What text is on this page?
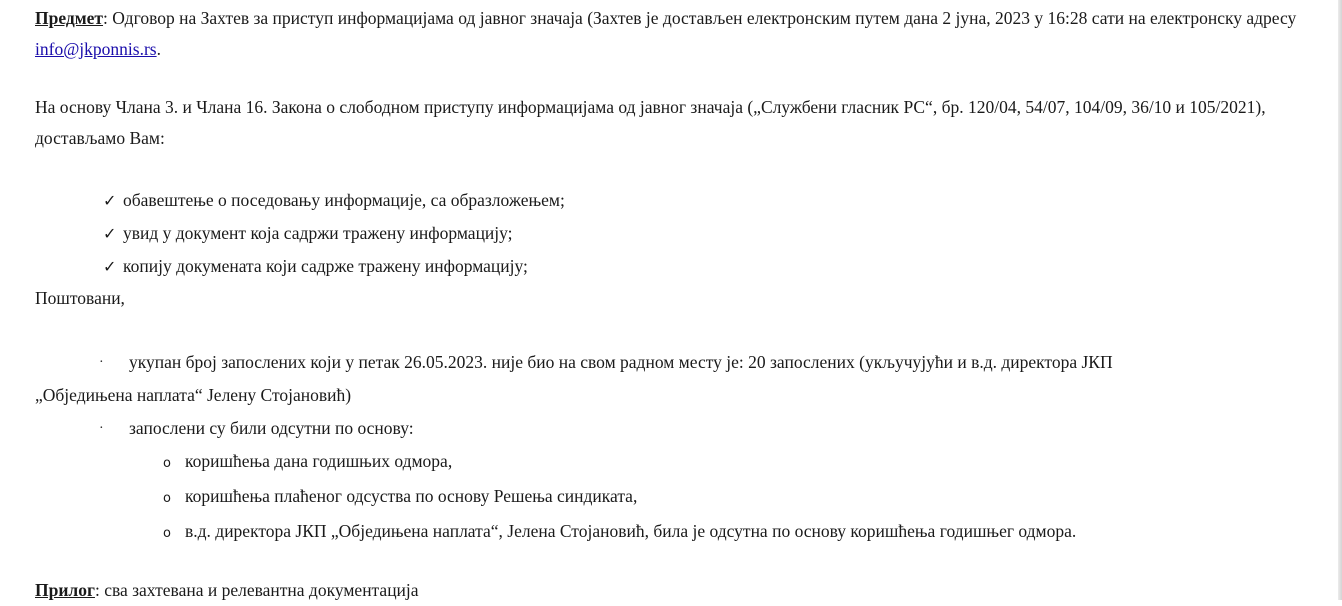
Предмет: Одговор на Захтев за приступ информацијама од јавног значаја (Захтев је достављен електронским путем дана 2 јуна, 2023 у 16:28 сати на електронску адресу info@jkponnis.rs.

На основу Члана 3. и Члана 16. Закона о слободном приступу информацијама од јавног значаја („Службени гласник РС“, бр. 120/04, 54/07, 104/09, 36/10 и 105/2021), достављамо Вам:

✓ обавештење о поседовању информације, са образложењем;
✓ увид у документ која садржи тражену информацију;
✓ копију докумената који садрже тражену информацију;

Поштовани,

· укупан број запослених који у петак 26.05.2023. није био на свом радном месту је: 20 запослених (укључујући и в.д. директора ЈКП
„Обједињена наплата“ Јелену Стојановић)
· запослени су били одсутни по основу:
o коришћења дана годишњих одмора,
o коришћења плаћеног одсуства по основу Решења синдиката,
o в.д. директора ЈКП „Обједињена наплата“, Јелена Стојановић, била је одсутна по основу коришћења годишњег одмора.

Прилог: сва захтевана и релевантна документација
